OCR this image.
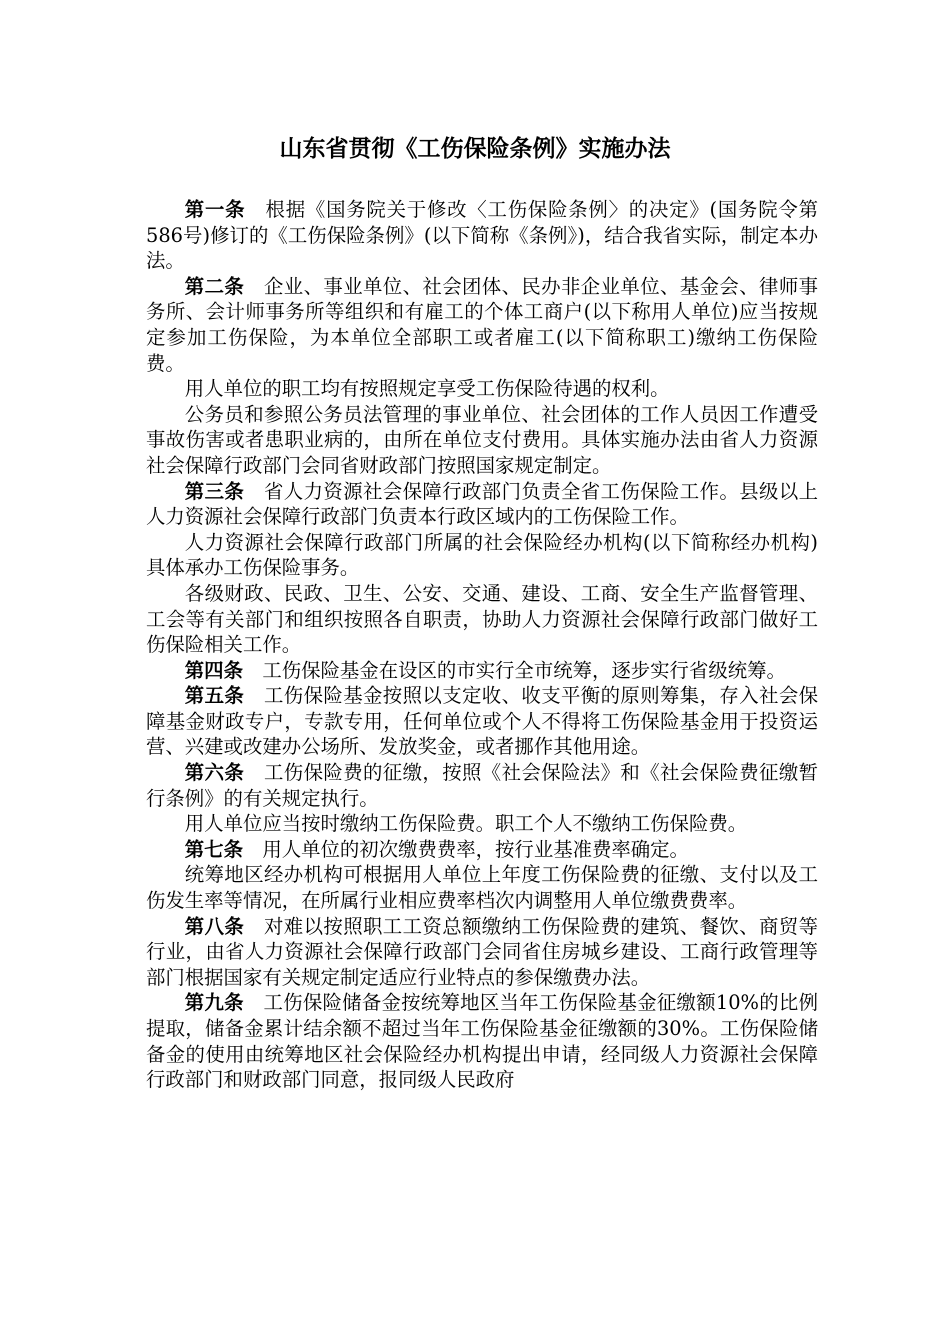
山东省贯彻《工伤保险条例》实施办法

第一条  根据《国务院关于修改〈工伤保险条例〉的决定》(国务院令第586号)修订的《工伤保险条例》(以下简称《条例》)，结合我省实际，制定本办法。

第二条  企业、事业单位、社会团体、民办非企业单位、基金会、律师事务所、会计师事务所等组织和有雇工的个体工商户(以下称用人单位)应当按规定参加工伤保险，为本单位全部职工或者雇工(以下简称职工)缴纳工伤保险费。

用人单位的职工均有按照规定享受工伤保险待遇的权利。

公务员和参照公务员法管理的事业单位、社会团体的工作人员因工作遭受事故伤害或者患职业病的，由所在单位支付费用。具体实施办法由省人力资源社会保障行政部门会同省财政部门按照国家规定制定。

第三条  省人力资源社会保障行政部门负责全省工伤保险工作。县级以上人力资源社会保障行政部门负责本行政区域内的工伤保险工作。

人力资源社会保障行政部门所属的社会保险经办机构(以下简称经办机构)具体承办工伤保险事务。

各级财政、民政、卫生、公安、交通、建设、工商、安全生产监督管理、工会等有关部门和组织按照各自职责，协助人力资源社会保障行政部门做好工伤保险相关工作。

第四条  工伤保险基金在设区的市实行全市统筹，逐步实行省级统筹。

第五条  工伤保险基金按照以支定收、收支平衡的原则筹集，存入社会保障基金财政专户，专款专用，任何单位或个人不得将工伤保险基金用于投资运营、兴建或改建办公场所、发放奖金，或者挪作其他用途。

第六条  工伤保险费的征缴，按照《社会保险法》和《社会保险费征缴暂行条例》的有关规定执行。

用人单位应当按时缴纳工伤保险费。职工个人不缴纳工伤保险费。

第七条  用人单位的初次缴费费率，按行业基准费率确定。

统筹地区经办机构可根据用人单位上年度工伤保险费的征缴、支付以及工伤发生率等情况，在所属行业相应费率档次内调整用人单位缴费费率。

第八条  对难以按照职工工资总额缴纳工伤保险费的建筑、餐饮、商贸等行业，由省人力资源社会保障行政部门会同省住房城乡建设、工商行政管理等部门根据国家有关规定制定适应行业特点的参保缴费办法。

第九条  工伤保险储备金按统筹地区当年工伤保险基金征缴额10%的比例提取，储备金累计结余额不超过当年工伤保险基金征缴额的30%。工伤保险储备金的使用由统筹地区社会保险经办机构提出申请，经同级人力资源社会保障行政部门和财政部门同意，报同级人民政府
